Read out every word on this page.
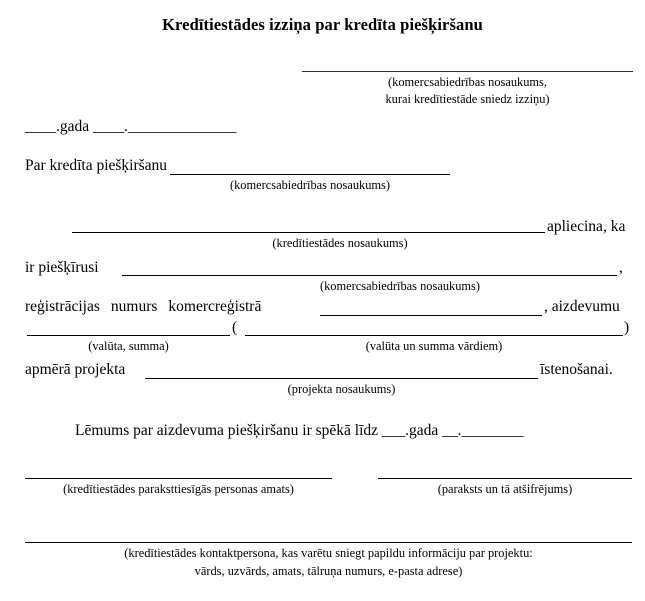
Kredītiestādes izziņa par kredīta piešķiršanu
(komercsabiedrības nosaukums,
kurai kredītiestāde sniedz izziņu)
____.gada ____.______________
Par kredīta piešķiršanu
(komercsabiedrības nosaukums)
apliecina, ka
(kredītiestādes nosaukums)
ir piešķīrusi	,
(komercsabiedrības nosaukums)
reģistrācijas numurs komercreģistrā	, aizdevumu
(	)
(valūta, summa)	(valūta un summa vārdiem)
apmērā projekta	īstenošanai.
(projekta nosaukums)
Lēmums par aizdevuma piešķiršanu ir spēkā līdz ___.gada __.________
(kredītiestādes paraksttiesīgās personas amats)	(paraksts un tā atšifrējums)
(kredītiestādes kontaktpersona, kas varētu sniegt papildu informāciju par projektu:
vārds, uzvārds, amats, tālruņa numurs, e-pasta adrese)
